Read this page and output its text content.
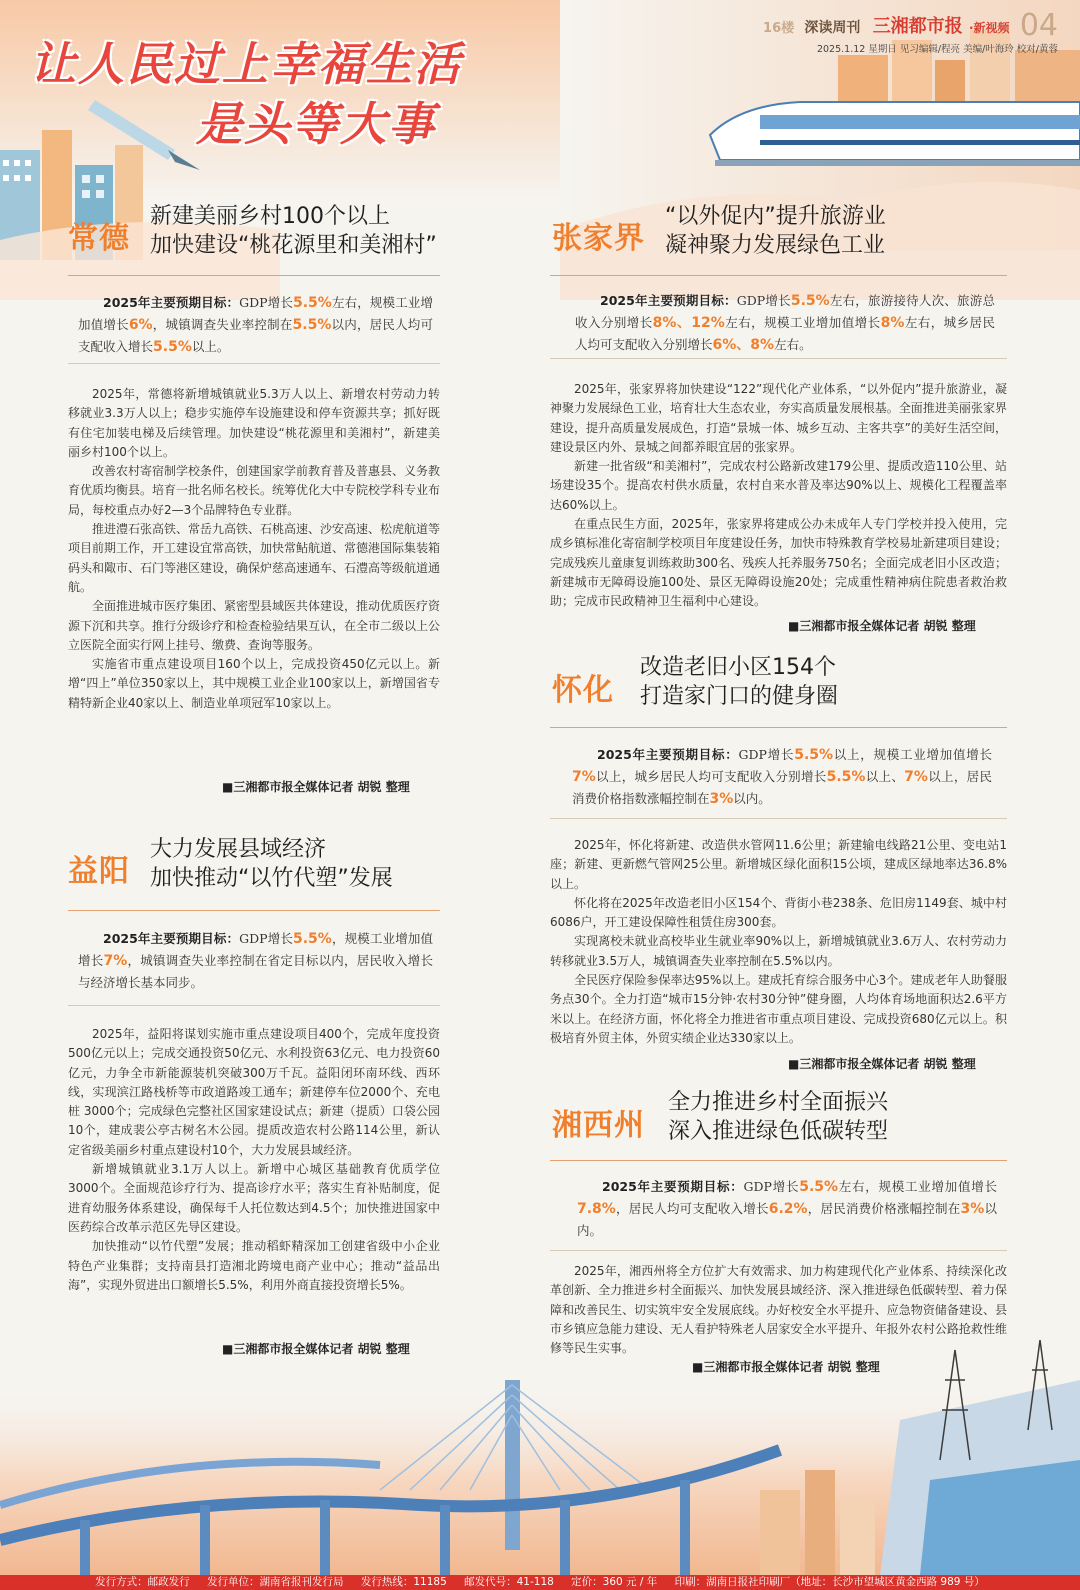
让人民过上幸福生活
是头等大事
16楼 深读周刊 三湘都市报 ·新视频 04
2025.1.12 星期日 见习编辑/程亮 美编/叶海玲 校对/黄蓉
常德
新建美丽乡村100个以上
加快建设“桃花源里和美湘村”
2025年主要预期目标：GDP增长5.5%左右，规模工业增加值增长6%，城镇调查失业率控制在5.5%以内，居民人均可支配收入增长5.5%以上。

2025年，常德将新增城镇就业5.3万人以上、新增农村劳动力转移就业3.3万人以上；稳步实施停车设施建设和停车资源共享；抓好既有住宅加装电梯及后续管理。加快建设“桃花源里和美湘村”，新建美丽乡村100个以上。

改善农村寄宿制学校条件，创建国家学前教育普及普惠县、义务教育优质均衡县。培育一批名师名校长。统筹优化大中专院校学科专业布局，每校重点办好2—3个品牌特色专业群。

推进澧石张高铁、常岳九高铁、石桃高速、沙安高速、松虎航道等项目前期工作，开工建设宜常高铁，加快常鲇航道、常德港国际集装箱码头和陬市、石门等港区建设，确保炉慈高速通车、石澧高等级航道通航。

全面推进城市医疗集团、紧密型县域医共体建设，推动优质医疗资源下沉和共享。推行分级诊疗和检查检验结果互认，在全市二级以上公立医院全面实行网上挂号、缴费、查询等服务。

实施省市重点建设项目160个以上，完成投资450亿元以上。新增“四上”单位350家以上，其中规模工业企业100家以上，新增国省专精特新企业40家以上、制造业单项冠军10家以上。

■三湘都市报全媒体记者 胡锐 整理
益阳
大力发展县域经济
加快推动“以竹代塑”发展
2025年主要预期目标：GDP增长5.5%，规模工业增加值增长7%，城镇调查失业率控制在省定目标以内，居民收入增长与经济增长基本同步。

2025年，益阳将谋划实施市重点建设项目400个，完成年度投资500亿元以上；完成交通投资50亿元、水利投资63亿元、电力投资60亿元，力争全市新能源装机突破300万千瓦。益阳闭环南环线、西环线，实现滨江路栈桥等市政道路竣工通车；新建停车位2000个、充电桩 3000个；完成绿色完整社区国家建设试点；新建（提质）口袋公园10个，建成裴公亭古树名木公园。提质改造农村公路114公里，新认定省级美丽乡村重点建设村10个，大力发展县域经济。

新增城镇就业3.1万人以上。新增中心城区基础教育优质学位3000个。全面规范诊疗行为、提高诊疗水平；落实生育补贴制度，促进育幼服务体系建设，确保每千人托位数达到4.5个；加快推进国家中医药综合改革示范区先导区建设。

加快推动“以竹代塑”发展；推动稻虾精深加工创建省级中小企业特色产业集群；支持南县打造湘北跨境电商产业中心；推动“益品出海”，实现外贸进出口额增长5.5%，利用外商直接投资增长5%。

■三湘都市报全媒体记者 胡锐 整理
张家界
“以外促内”提升旅游业
凝神聚力发展绿色工业
2025年主要预期目标：GDP增长5.5%左右，旅游接待人次、旅游总收入分别增长8%、12%左右，规模工业增加值增长8%左右，城乡居民人均可支配收入分别增长6%、8%左右。

2025年，张家界将加快建设“122”现代化产业体系，“以外促内”提升旅游业，凝神聚力发展绿色工业，培育壮大生态农业，夯实高质量发展根基。全面推进美丽张家界建设，提升高质量发展成色，打造“景城一体、城乡互动、主客共享”的美好生活空间，建设景区内外、景城之间都养眼宜居的张家界。

新建一批省级“和美湘村”，完成农村公路新改建179公里、提质改造110公里、站场建设35个。提高农村供水质量，农村自来水普及率达90%以上、规模化工程覆盖率达60%以上。

在重点民生方面，2025年，张家界将建成公办未成年人专门学校并投入使用，完成乡镇标准化寄宿制学校项目年度建设任务，加快市特殊教育学校易址新建项目建设；完成残疾儿童康复训练救助300名、残疾人托养服务750名；全面完成老旧小区改造；新建城市无障碍设施100处、景区无障碍设施20处；完成重性精神病住院患者救治救助；完成市民政精神卫生福利中心建设。

■三湘都市报全媒体记者 胡锐 整理
怀化
改造老旧小区154个
打造家门口的健身圈
2025年主要预期目标：GDP增长5.5%以上，规模工业增加值增长7%以上，城乡居民人均可支配收入分别增长5.5%以上、7%以上，居民消费价格指数涨幅控制在3%以内。

2025年，怀化将新建、改造供水管网11.6公里；新建输电线路21公里、变电站1座；新建、更新燃气管网25公里。新增城区绿化面积15公顷，建成区绿地率达36.8%以上。

怀化将在2025年改造老旧小区154个、背街小巷238条、危旧房1149套、城中村6086户，开工建设保障性租赁住房300套。

实现离校未就业高校毕业生就业率90%以上，新增城镇就业3.6万人、农村劳动力转移就业3.5万人，城镇调查失业率控制在5.5%以内。

全民医疗保险参保率达95%以上。建成托育综合服务中心3个。建成老年人助餐服务点30个。全力打造“城市15分钟·农村30分钟”健身圈，人均体育场地面积达2.6平方米以上。在经济方面，怀化将全力推进省市重点项目建设、完成投资680亿元以上。积极培育外贸主体，外贸实绩企业达330家以上。

■三湘都市报全媒体记者 胡锐 整理
湘西州
全力推进乡村全面振兴
深入推进绿色低碳转型
2025年主要预期目标：GDP增长5.5%左右，规模工业增加值增长7.8%，居民人均可支配收入增长6.2%，居民消费价格涨幅控制在3%以内。

2025年，湘西州将全方位扩大有效需求、加力构建现代化产业体系、持续深化改革创新、全力推进乡村全面振兴、加快发展县域经济、深入推进绿色低碳转型、着力保障和改善民生、切实筑牢安全发展底线。办好校安全水平提升、应急物资储备建设、县市乡镇应急能力建设、无人看护特殊老人居家安全水平提升、年报外农村公路抢救性维修等民生实事。

■三湘都市报全媒体记者 胡锐 整理
发行方式：邮政发行 发行单位：湖南省报刊发行局 发行热线：11185 邮发代号：41-118 定价：360 元 / 年 印刷：湖南日报社印刷厂（地址：长沙市望城区黄金西路 989 号）
